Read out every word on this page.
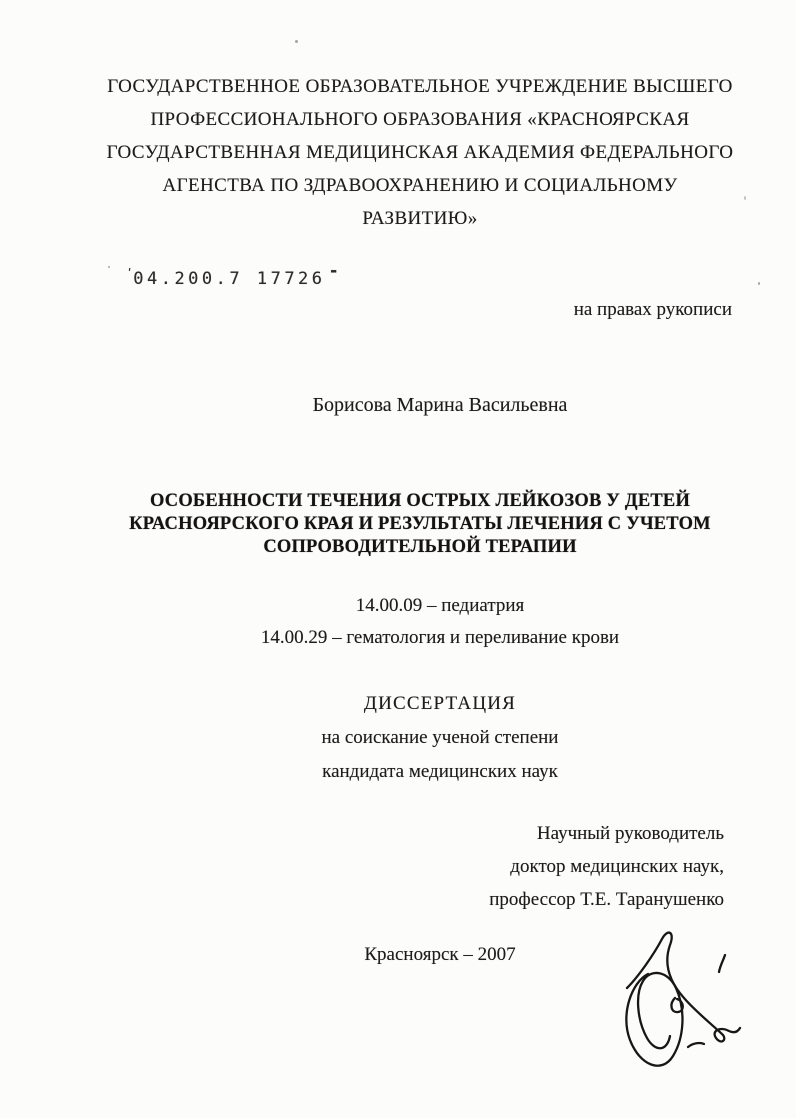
ГОСУДАРСТВЕННОЕ ОБРАЗОВАТЕЛЬНОЕ УЧРЕЖДЕНИЕ ВЫСШЕГО
ПРОФЕССИОНАЛЬНОГО ОБРАЗОВАНИЯ «КРАСНОЯРСКАЯ
ГОСУДАРСТВЕННАЯ МЕДИЦИНСКАЯ АКАДЕМИЯ ФЕДЕРАЛЬНОГО
АГЕНСТВА ПО ЗДРАВООХРАНЕНИЮ И СОЦИАЛЬНОМУ
РАЗВИТИЮ»
$^ʹ$04.200.7 17726 -
на правах рукописи
Борисова Марина Васильевна
ОСОБЕННОСТИ ТЕЧЕНИЯ ОСТРЫХ ЛЕЙКОЗОВ У ДЕТЕЙ
КРАСНОЯРСКОГО КРАЯ И РЕЗУЛЬТАТЫ ЛЕЧЕНИЯ С УЧЕТОМ
СОПРОВОДИТЕЛЬНОЙ ТЕРАПИИ
14.00.09 – педиатрия
14.00.29 – гематология и переливание крови
ДИССЕРТАЦИЯ
на соискание ученой степени
кандидата медицинских наук
Научный руководитель
доктор медицинских наук,
профессор Т.Е. Таранушенко
Красноярск – 2007
